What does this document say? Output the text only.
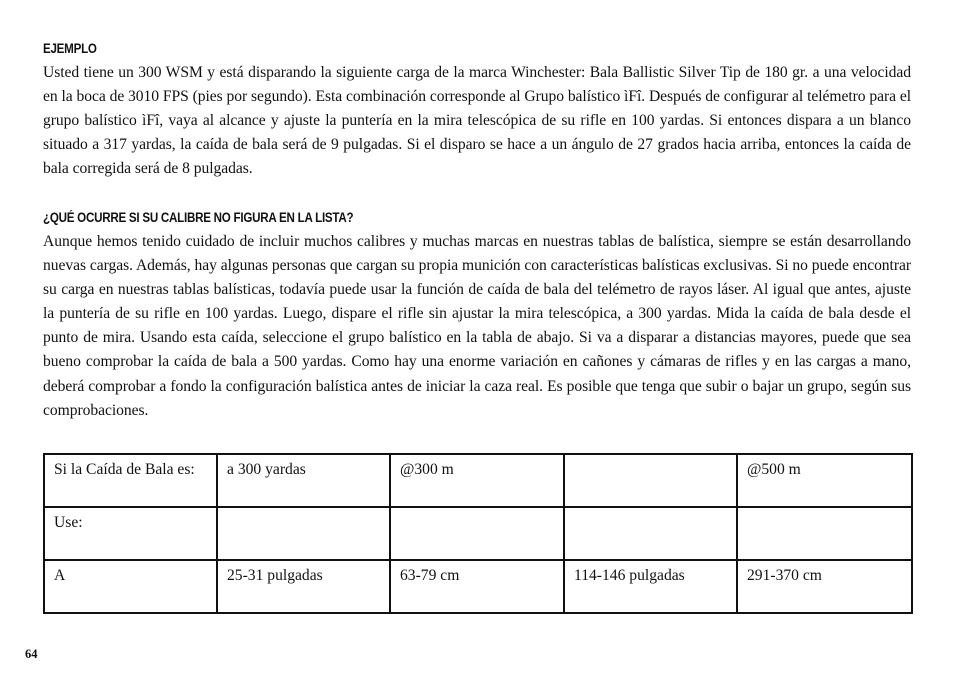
EJEMPLO

Usted tiene un 300 WSM y está disparando la siguiente carga de la marca Winchester: Bala Ballistic Silver Tip de 180 gr. a una velocidad en la boca de 3010 FPS (pies por segundo). Esta combinación corresponde al Grupo balístico ìFî. Después de configurar al telémetro para el grupo balístico ìFî, vaya al alcance y ajuste la puntería en la mira telescópica de su rifle en 100 yardas. Si entonces dispara a un blanco situado a 317 yardas, la caída de bala será de 9 pulgadas. Si el disparo se hace a un ángulo de 27 grados hacia arriba, entonces la caída de bala corregida será de 8 pulgadas.

¿QUÉ OCURRE SI SU CALIBRE NO FIGURA EN LA LISTA?

Aunque hemos tenido cuidado de incluir muchos calibres y muchas marcas en nuestras tablas de balística, siempre se están desarrollando nuevas cargas. Además, hay algunas personas que cargan su propia munición con características balísticas exclusivas. Si no puede encontrar su carga en nuestras tablas balísticas, todavía puede usar la función de caída de bala del telémetro de rayos láser. Al igual que antes, ajuste la puntería de su rifle en 100 yardas. Luego, dispare el rifle sin ajustar la mira telescópica, a 300 yardas. Mida la caída de bala desde el punto de mira. Usando esta caída, seleccione el grupo balístico en la tabla de abajo. Si va a disparar a distancias mayores, puede que sea bueno comprobar la caída de bala a 500 yardas. Como hay una enorme variación en cañones y cámaras de rifles y en las cargas a mano, deberá comprobar a fondo la configuración balística antes de iniciar la caza real. Es posible que tenga que subir o bajar un grupo, según sus comprobaciones.

Si la Caída de Bala es:	a 300 yardas	@300 m		@500 m
Use:				
A	25-31 pulgadas	63-79 cm	114-146 pulgadas	291-370 cm
64
